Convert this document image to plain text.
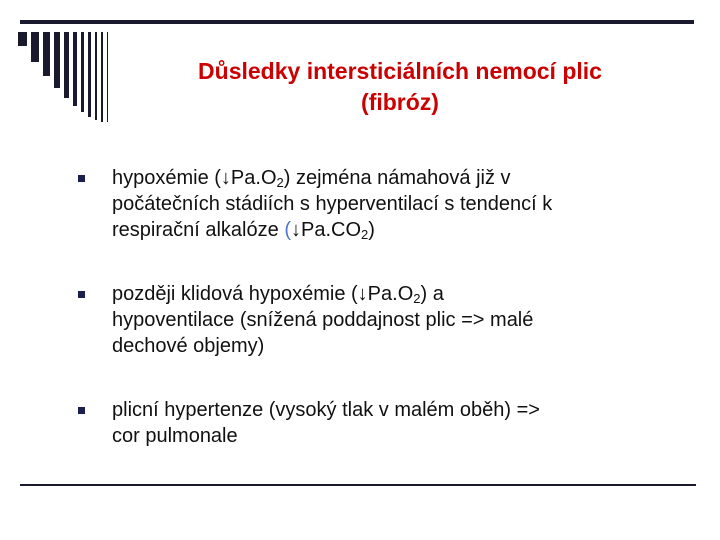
Důsledky intersticiálních nemocí plic
(fibróz)
hypoxémie $(↓Pa.O_2)$ zejména námahová již v
počátečních stádiích s hyperventilací s tendencí k
respirační alkalóze $(↓Pa.CO_2)$
později klidová hypoxémie $(↓Pa.O_2)$ a
hypoventilace (snížená poddajnost plic => malé
dechové objemy)
plicní hypertenze (vysoký tlak v malém oběh) =>
cor pulmonale
